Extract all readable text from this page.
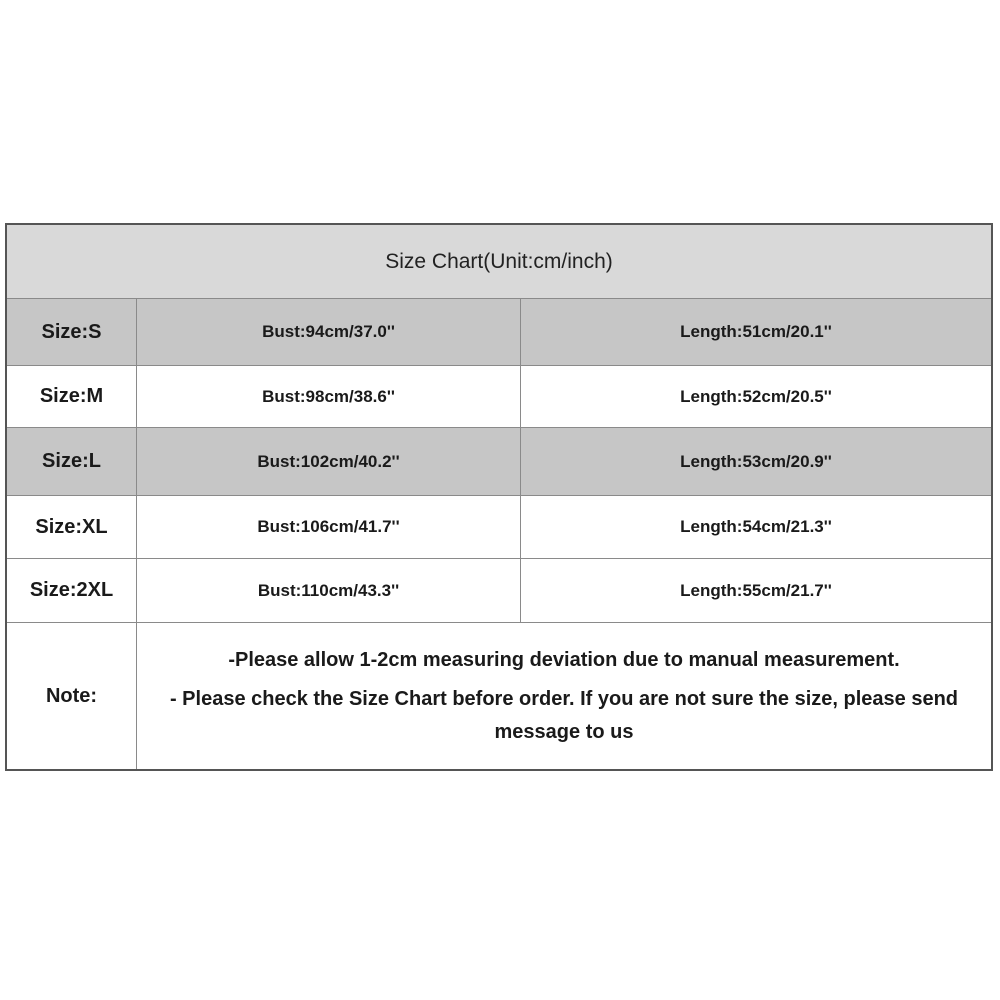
Size Chart(Unit:cm/inch)
Size:S	Bust:94cm/37.0''	Length:51cm/20.1''
Size:M	Bust:98cm/38.6''	Length:52cm/20.5''
Size:L	Bust:102cm/40.2''	Length:53cm/20.9''
Size:XL	Bust:106cm/41.7''	Length:54cm/21.3''
Size:2XL	Bust:110cm/43.3''	Length:55cm/21.7''
Note:
-Please allow 1-2cm measuring deviation due to manual measurement.
- Please check the Size Chart before order. If you are not sure the size, please send message to us
